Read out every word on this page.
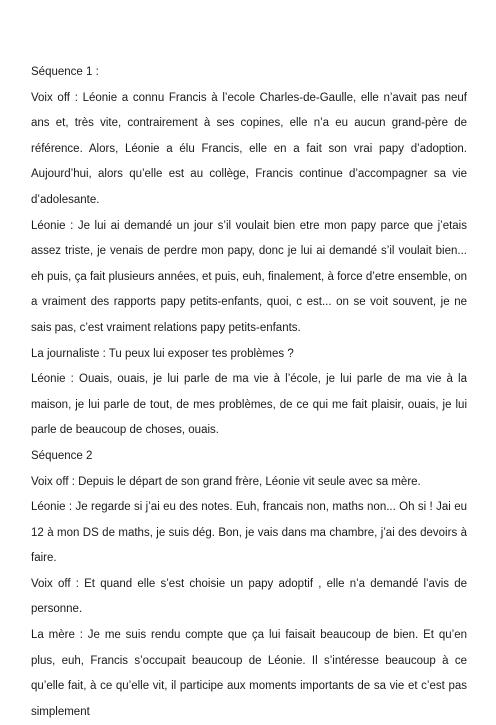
Séquence 1 :

Voix off : Léonie a connu Francis à l’ecole Charles-de-Gaulle, elle n’avait pas neuf ans et, très vite, contrairement à ses copines, elle n’a eu aucun grand-père de référence. Alors, Léonie a élu Francis, elle en a fait son vrai papy d’adoption. Aujourd’hui, alors qu’elle est au collège, Francis continue d’accompagner sa vie d’adolesante.

Léonie : Je lui ai demandé un jour s’il voulait bien etre mon papy parce que j’etais assez triste, je venais de perdre mon papy, donc je lui ai demandé s’il voulait bien... eh puis, ça fait plusieurs années, et puis, euh, finalement, à force d’etre ensemble, on a vraiment des rapports papy petits-enfants, quoi, c est... on se voit souvent, je ne sais pas, c’est vraiment relations papy petits-enfants.

La journaliste : Tu peux lui exposer tes problèmes ?

Léonie : Ouais, ouais, je lui parle de ma vie à l’école, je lui parle de ma vie à la maison, je lui parle de tout, de mes problèmes, de ce qui me fait plaisir, ouais, je lui parle de beaucoup de choses, ouais.

Séquence 2

Voix off : Depuis le départ de son grand frère, Léonie vit seule avec sa mère.

Léonie : Je regarde si j’ai eu des notes. Euh, francais non, maths non... Oh si ! Jai eu 12 à mon DS de maths, je suis dég. Bon, je vais dans ma chambre, j’ai des devoirs à faire.

Voix off : Et quand elle s’est choisie un papy adoptif , elle n’a demandé l’avis de personne.

La mère : Je me suis rendu compte que ça lui faisait beaucoup de bien. Et qu’en plus, euh, Francis s’occupait beaucoup de Léonie. Il s’intéresse beaucoup à ce qu’elle fait, à ce qu’elle vit, il participe aux moments importants de sa vie et c’est pas simplement
